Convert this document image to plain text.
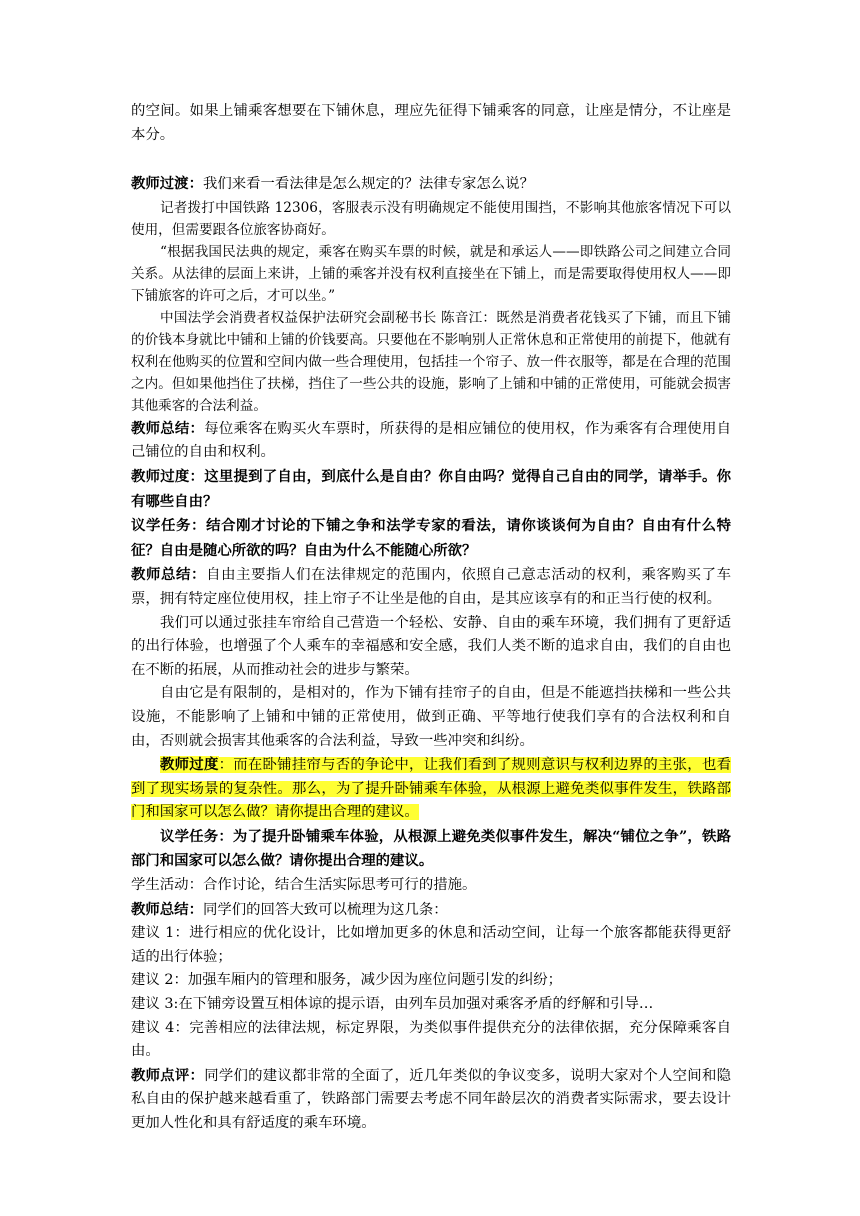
的空间。如果上铺乘客想要在下铺休息，理应先征得下铺乘客的同意，让座是情分，不让座是本分。

教师过渡：我们来看一看法律是怎么规定的？法律专家怎么说？

记者拨打中国铁路 12306，客服表示没有明确规定不能使用围挡，不影响其他旅客情况下可以使用，但需要跟各位旅客协商好。

“根据我国民法典的规定，乘客在购买车票的时候，就是和承运人——即铁路公司之间建立合同关系。从法律的层面上来讲，上铺的乘客并没有权利直接坐在下铺上，而是需要取得使用权人——即下铺旅客的许可之后，才可以坐。”

中国法学会消费者权益保护法研究会副秘书长 陈音江：既然是消费者花钱买了下铺，而且下铺的价钱本身就比中铺和上铺的价钱要高。只要他在不影响别人正常休息和正常使用的前提下，他就有权利在他购买的位置和空间内做一些合理使用，包括挂一个帘子、放一件衣服等，都是在合理的范围之内。但如果他挡住了扶梯，挡住了一些公共的设施，影响了上铺和中铺的正常使用，可能就会损害其他乘客的合法利益。

教师总结：每位乘客在购买火车票时，所获得的是相应铺位的使用权，作为乘客有合理使用自己铺位的自由和权利。

教师过度：这里提到了自由，到底什么是自由？你自由吗？觉得自己自由的同学，请举手。你有哪些自由？

议学任务：结合刚才讨论的下铺之争和法学专家的看法，请你谈谈何为自由？自由有什么特征？自由是随心所欲的吗？自由为什么不能随心所欲？

教师总结：自由主要指人们在法律规定的范围内，依照自己意志活动的权利，乘客购买了车票，拥有特定座位使用权，挂上帘子不让坐是他的自由，是其应该享有的和正当行使的权利。

我们可以通过张挂车帘给自己营造一个轻松、安静、自由的乘车环境，我们拥有了更舒适的出行体验，也增强了个人乘车的幸福感和安全感，我们人类不断的追求自由，我们的自由也在不断的拓展，从而推动社会的进步与繁荣。

自由它是有限制的，是相对的，作为下铺有挂帘子的自由，但是不能遮挡扶梯和一些公共设施，不能影响了上铺和中铺的正常使用，做到正确、平等地行使我们享有的合法权利和自由，否则就会损害其他乘客的合法利益，导致一些冲突和纠纷。

教师过度：而在卧铺挂帘与否的争论中，让我们看到了规则意识与权利边界的主张，也看到了现实场景的复杂性。那么，为了提升卧铺乘车体验，从根源上避免类似事件发生，铁路部门和国家可以怎么做？请你提出合理的建议。

议学任务：为了提升卧铺乘车体验，从根源上避免类似事件发生，解决“铺位之争”，铁路部门和国家可以怎么做？请你提出合理的建议。

学生活动：合作讨论，结合生活实际思考可行的措施。

教师总结：同学们的回答大致可以梳理为这几条：

建议 1：进行相应的优化设计，比如增加更多的休息和活动空间，让每一个旅客都能获得更舒适的出行体验；

建议 2：加强车厢内的管理和服务，减少因为座位问题引发的纠纷；

建议 3:在下铺旁设置互相体谅的提示语，由列车员加强对乘客矛盾的纾解和引导…

建议 4：完善相应的法律法规，标定界限，为类似事件提供充分的法律依据，充分保障乘客自由。

教师点评：同学们的建议都非常的全面了，近几年类似的争议变多，说明大家对个人空间和隐私自由的保护越来越看重了，铁路部门需要去考虑不同年龄层次的消费者实际需求，要去设计更加人性化和具有舒适度的乘车环境。
